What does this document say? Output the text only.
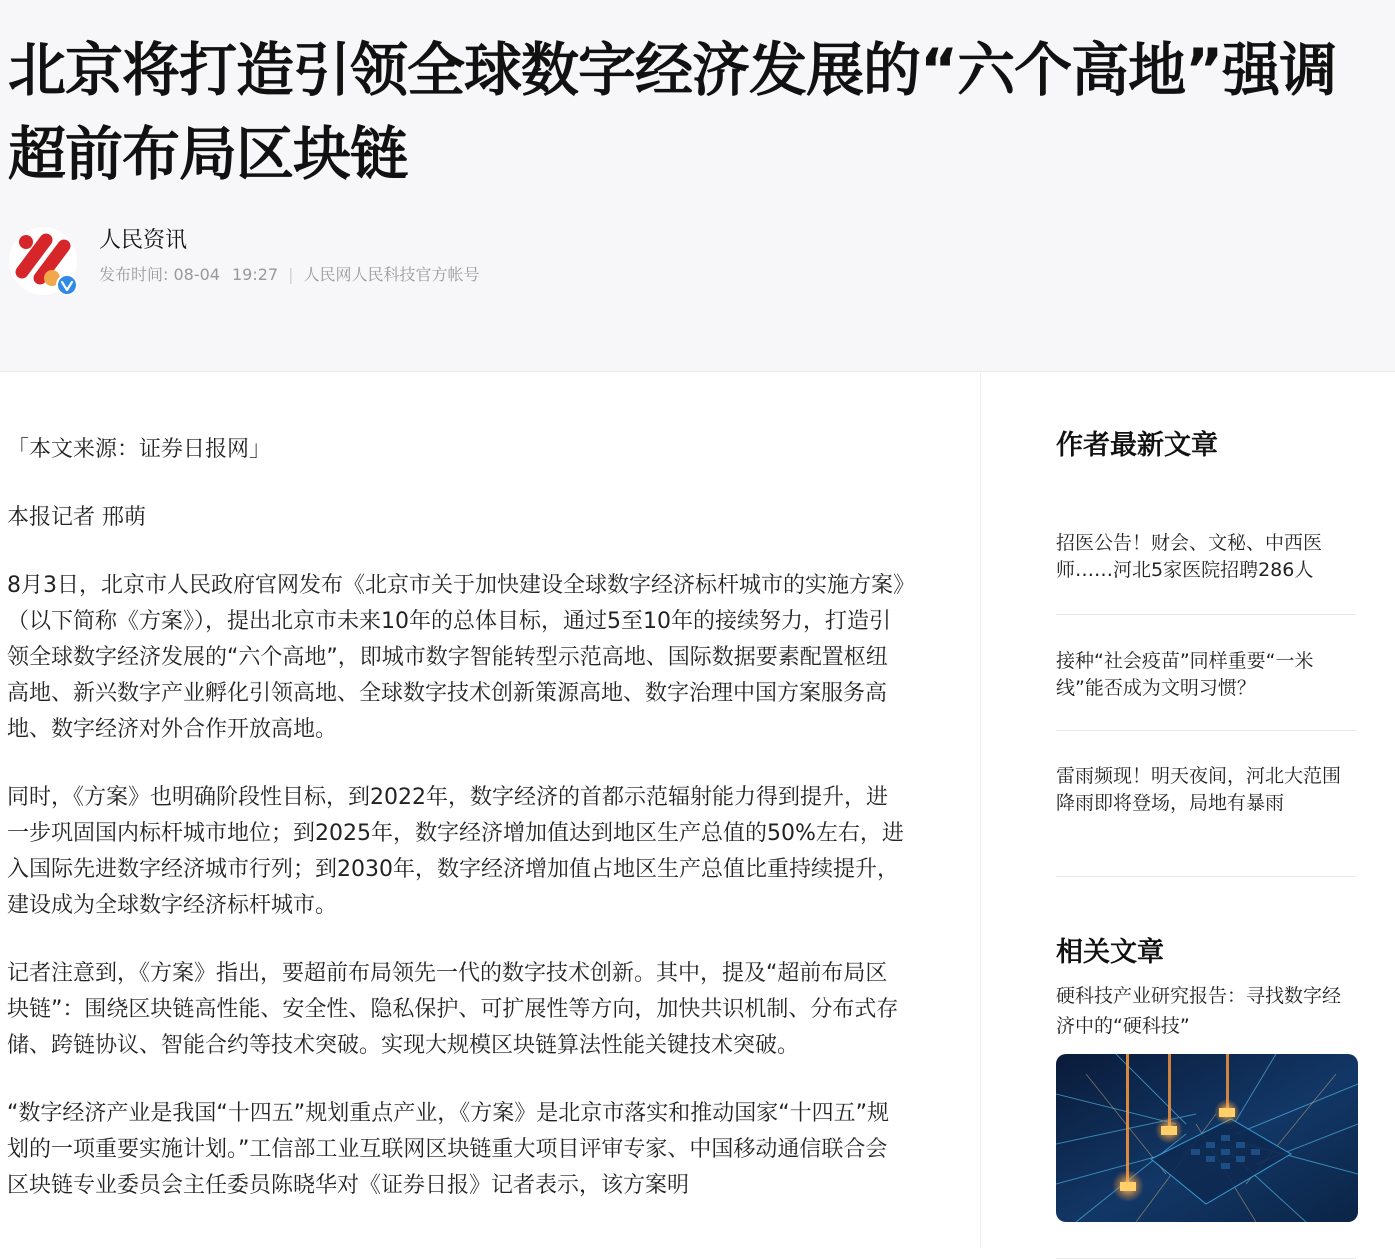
北京将打造引领全球数字经济发展的“六个高地”强调超前布局区块链
人民资讯
发布时间: 08-04 19:27 | 人民网人民科技官方帐号

「本文来源：证券日报网」

本报记者 邢萌

8月3日，北京市人民政府官网发布《北京市关于加快建设全球数字经济标杆城市的实施方案》（以下简称《方案》），提出北京市未来10年的总体目标，通过5至10年的接续努力，打造引领全球数字经济发展的“六个高地”，即城市数字智能转型示范高地、国际数据要素配置枢纽高地、新兴数字产业孵化引领高地、全球数字技术创新策源高地、数字治理中国方案服务高地、数字经济对外合作开放高地。

同时，《方案》也明确阶段性目标，到2022年，数字经济的首都示范辐射能力得到提升，进一步巩固国内标杆城市地位；到2025年，数字经济增加值达到地区生产总值的50%左右，进入国际先进数字经济城市行列；到2030年，数字经济增加值占地区生产总值比重持续提升，建设成为全球数字经济标杆城市。

记者注意到，《方案》指出，要超前布局领先一代的数字技术创新。其中，提及“超前布局区块链”：围绕区块链高性能、安全性、隐私保护、可扩展性等方向，加快共识机制、分布式存储、跨链协议、智能合约等技术突破。实现大规模区块链算法性能关键技术突破。

“数字经济产业是我国“十四五”规划重点产业，《方案》是北京市落实和推动国家“十四五”规划的一项重要实施计划。”工信部工业互联网区块链重大项目评审专家、中国移动通信联合会区块链专业委员会主任委员陈晓华对《证券日报》记者表示，该方案明

作者最新文章
招医公告！财会、文秘、中西医师……河北5家医院招聘286人
接种“社会疫苗”同样重要“一米线”能否成为文明习惯？
雷雨频现！明天夜间，河北大范围降雨即将登场，局地有暴雨
相关文章
硬科技产业研究报告：寻找数字经济中的“硬科技”
